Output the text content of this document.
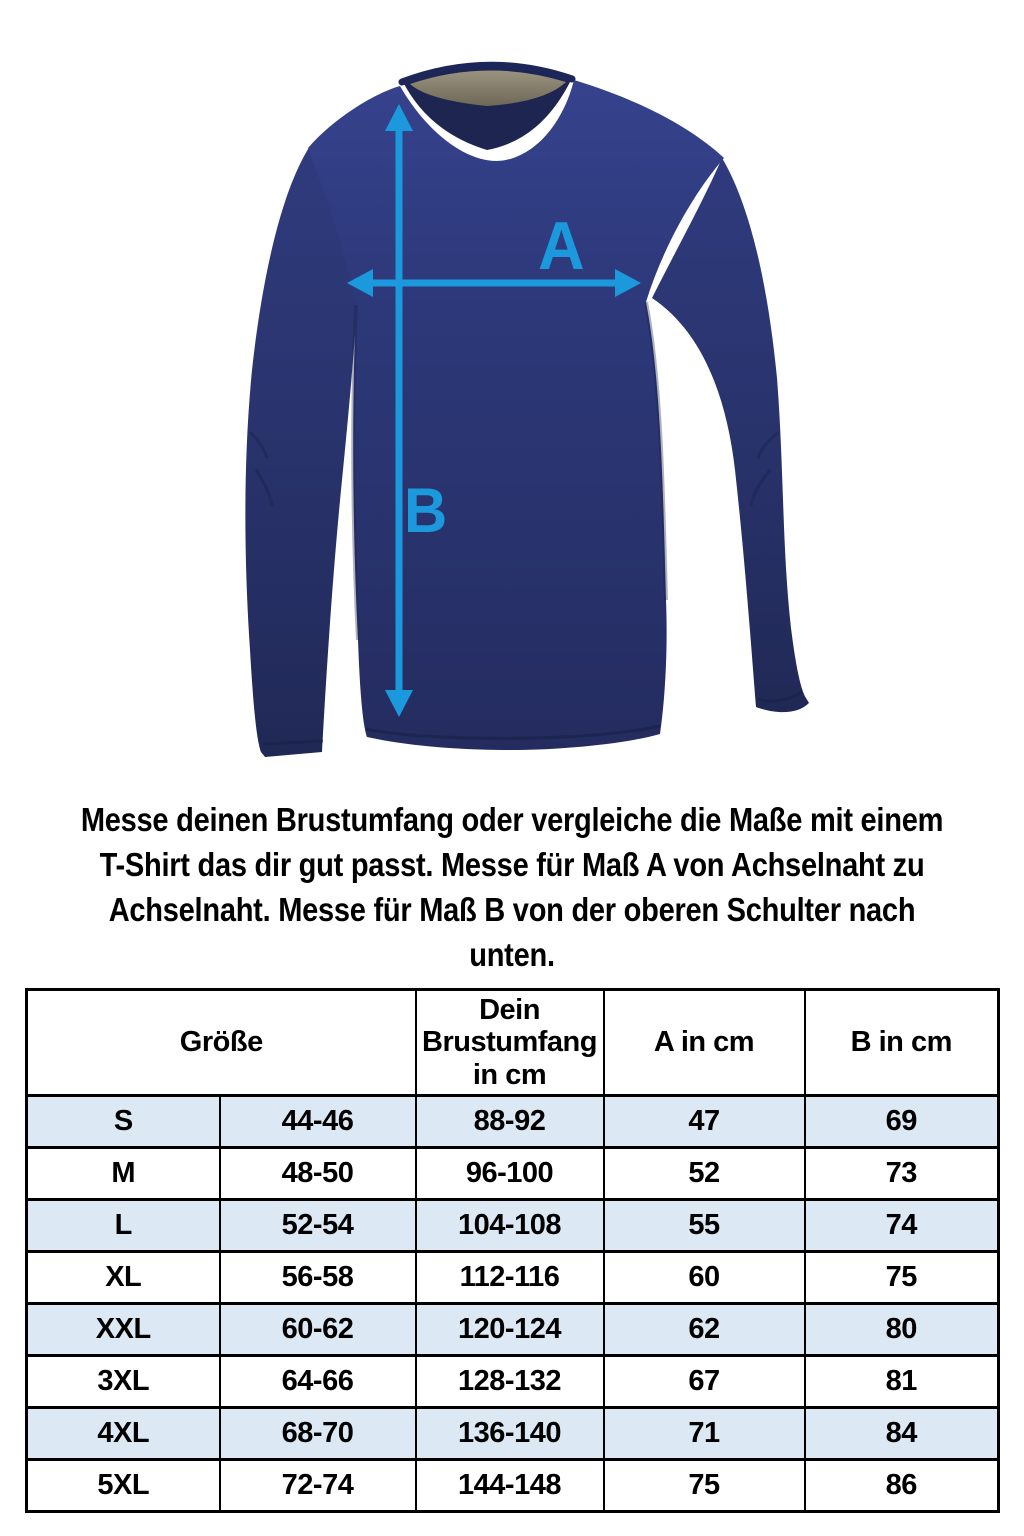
A
B
Messe deinen Brustumfang oder vergleiche die Maße mit einem
T-Shirt das dir gut passt. Messe für Maß A von Achselnaht zu
Achselnaht. Messe für Maß B von der oberen Schulter nach
unten.
Größe		Dein Brustumfang in cm	A in cm	B in cm
S	44-46	88-92	47	69
M	48-50	96-100	52	73
L	52-54	104-108	55	74
XL	56-58	112-116	60	75
XXL	60-62	120-124	62	80
3XL	64-66	128-132	67	81
4XL	68-70	136-140	71	84
5XL	72-74	144-148	75	86
